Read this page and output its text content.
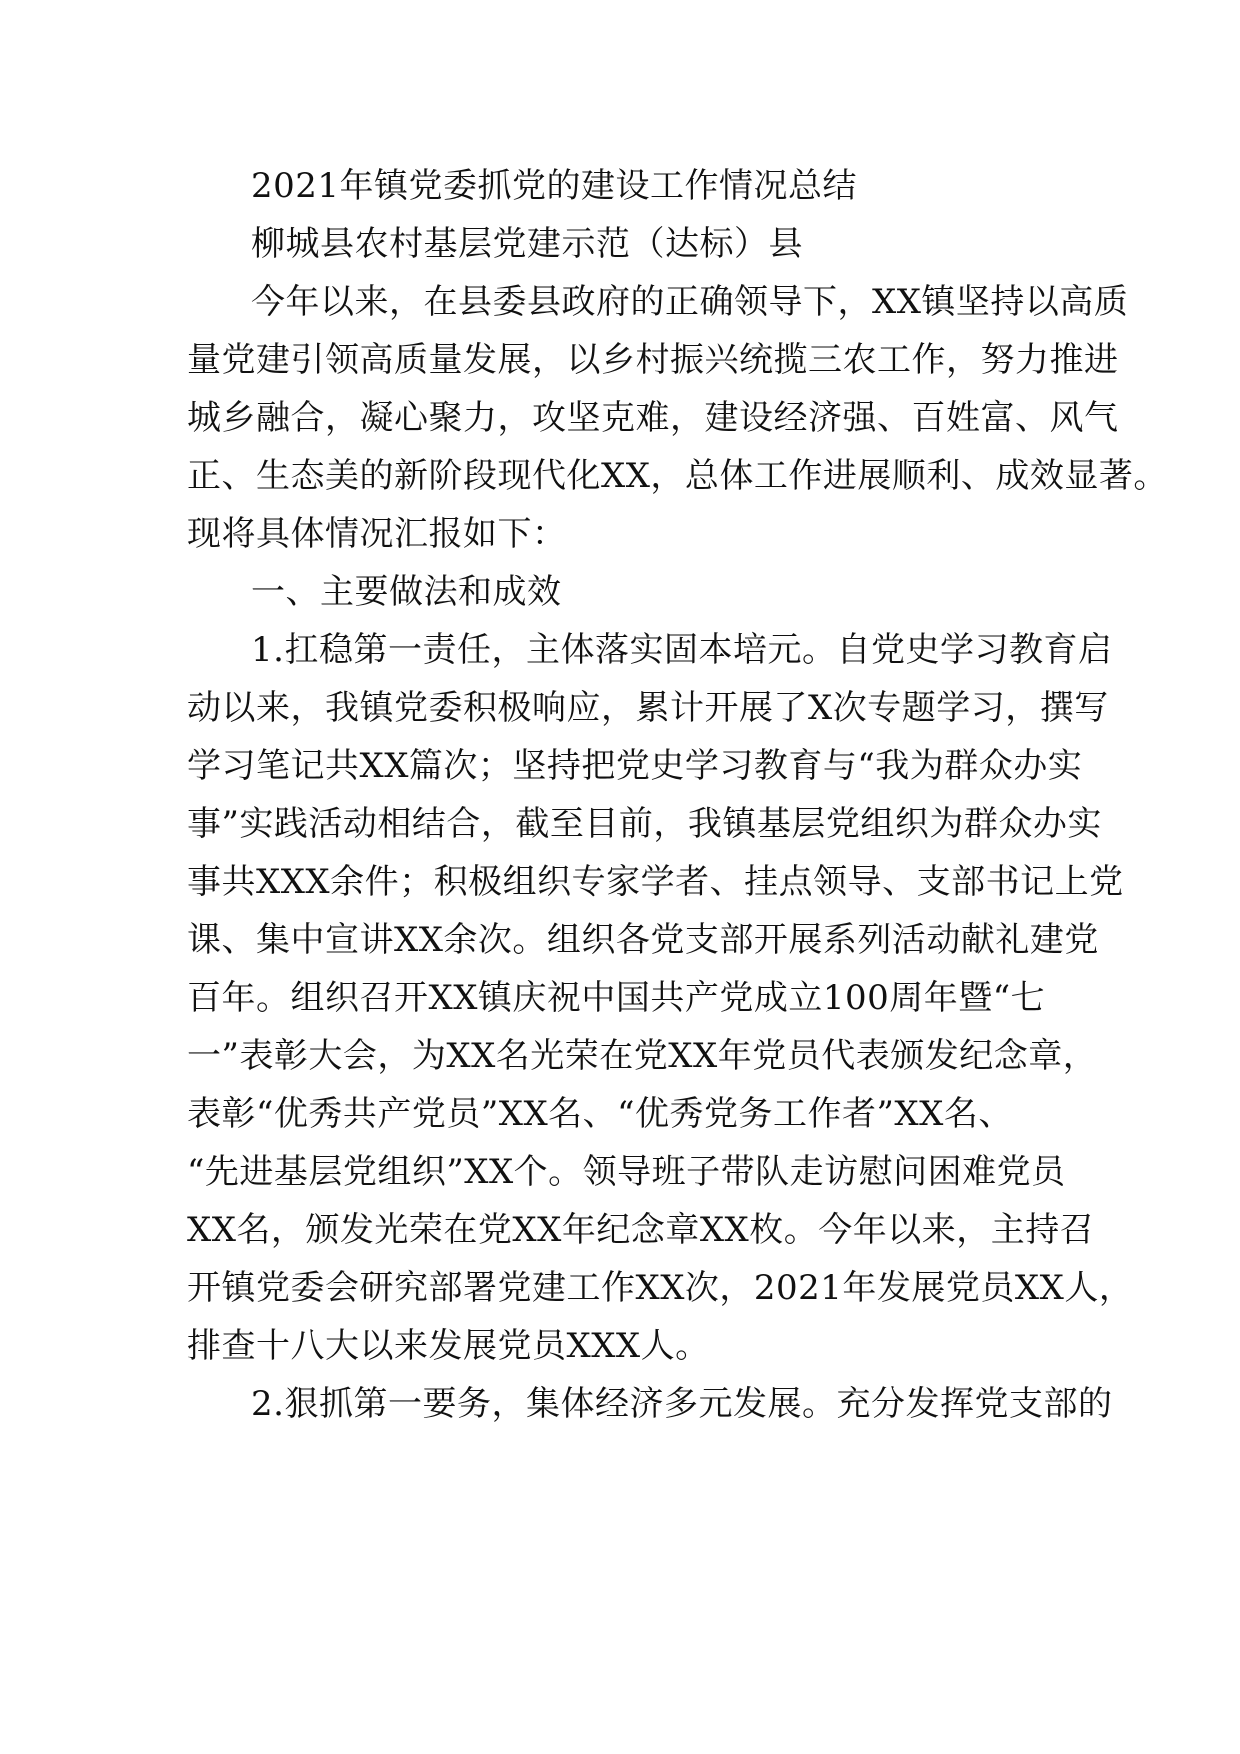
2021年镇党委抓党的建设工作情况总结
柳城县农村基层党建示范（达标）县
今年以来，在县委县政府的正确领导下，XX镇坚持以高质
量党建引领高质量发展，以乡村振兴统揽三农工作，努力推进
城乡融合，凝心聚力，攻坚克难，建设经济强、百姓富、风气
正、生态美的新阶段现代化XX，总体工作进展顺利、成效显著。
现将具体情况汇报如下：
一、主要做法和成效
1.扛稳第一责任，主体落实固本培元。自党史学习教育启
动以来，我镇党委积极响应，累计开展了X次专题学习，撰写
学习笔记共XX篇次；坚持把党史学习教育与“我为群众办实
事”实践活动相结合，截至目前，我镇基层党组织为群众办实
事共XXX余件；积极组织专家学者、挂点领导、支部书记上党
课、集中宣讲XX余次。组织各党支部开展系列活动献礼建党
百年。组织召开XX镇庆祝中国共产党成立100周年暨“七
一”表彰大会，为XX名光荣在党XX年党员代表颁发纪念章，
表彰“优秀共产党员”XX名、“优秀党务工作者”XX名、
“先进基层党组织”XX个。领导班子带队走访慰问困难党员
XX名，颁发光荣在党XX年纪念章XX枚。今年以来，主持召
开镇党委会研究部署党建工作XX次，2021年发展党员XX人，
排查十八大以来发展党员XXX人。
2.狠抓第一要务，集体经济多元发展。充分发挥党支部的
